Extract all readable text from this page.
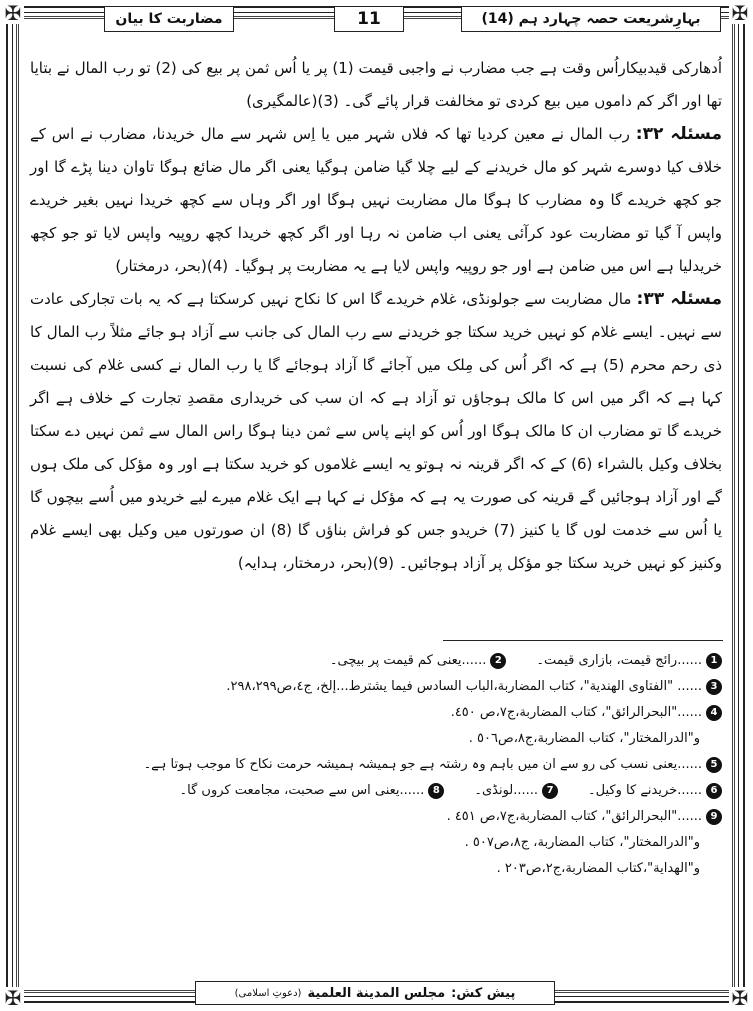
✠	✠
✠	✠
بہارِشریعت حصہ چہارد ہم (14)
11
مضاربت کا بیان

اُدھارکی قیدبیکاراُس وقت ہے جب مضارب نے واجبی قیمت (1) پر یا اُس ثمن پر بیع کی (2) تو رب المال نے بتایا تھا اور اگر کم داموں میں بیع کردی تو مخالفت قرار پائے گی۔ (3)(عالمگیری)

مسئلہ ۳۲: رب المال نے معین کردیا تھا کہ فلاں شہر میں یا اِس شہر سے مال خریدنا، مضارب نے اس کے خلاف کیا دوسرے شہر کو مال خریدنے کے لیے چلا گیا ضامن ہوگیا یعنی اگر مال ضائع ہوگا تاوان دینا پڑے گا اور جو کچھ خریدے گا وہ مضارب کا ہوگا مال مضاربت نہیں ہوگا اور اگر وہاں سے کچھ خریدا نہیں بغیر خریدے واپس آ گیا تو مضاربت عود کرآئی یعنی اب ضامن نہ رہا اور اگر کچھ خریدا کچھ روپیہ واپس لایا تو جو کچھ خریدلیا ہے اس میں ضامن ہے اور جو روپیہ واپس لایا ہے یہ مضاربت پر ہوگیا۔ (4)(بحر، درمختار)

مسئلہ ۳۳: مال مضاربت سے جولونڈی، غلام خریدے گا اس کا نکاح نہیں کرسکتا ہے کہ یہ بات تجارکی عادت سے نہیں۔ ایسے غلام کو نہیں خرید سکتا جو خریدنے سے رب المال کی جانب سے آزاد ہو جائے مثلاً رب المال کا ذی رحم محرم (5) ہے کہ اگر اُس کی مِلک میں آجائے گا آزاد ہوجائے گا یا رب المال نے کسی غلام کی نسبت کہا ہے کہ اگر میں اس کا مالک ہوجاؤں تو آزاد ہے کہ ان سب کی خریداری مقصدِ تجارت کے خلاف ہے اگر خریدے گا تو مضارب ان کا مالک ہوگا اور اُس کو اپنے پاس سے ثمن دینا ہوگا راس المال سے ثمن نہیں دے سکتا بخلاف وکیل بالشراء (6) کے کہ اگر قرینہ نہ ہوتو یہ ایسے غلاموں کو خرید سکتا ہے اور وہ مؤکل کی ملک ہوں گے اور آزاد ہوجائیں گے قرینہ کی صورت یہ ہے کہ مؤکل نے کہا ہے ایک غلام میرے لیے خریدو میں اُسے بیچوں گا یا اُس سے خدمت لوں گا یا کنیز (7) خریدو جس کو فراش بناؤں گا (8) ان صورتوں میں وکیل بھی ایسے غلام وکنیز کو نہیں خرید سکتا جو مؤکل پر آزاد ہوجائیں۔ (9)(بحر، درمختار، ہدایہ)

1
......رائج قیمت، بازاری قیمت۔
2
......یعنی کم قیمت پر بیچی۔
3
...... "الفتاوی الهندیة"، کتاب المضاربة،الباب السادس فیما یشترط...إلخ، ج٤،ص٢٩٨،٢٩٩.
4
......"البحرالرائق"، کتاب المضاربة،ج٧،ص ٤٥٠.
و"الدرالمختار"، کتاب المضاربة،ج٨،ص٥٠٦ .
5
......یعنی نسب کی رو سے ان میں باہم وہ رشتہ ہے جو ہمیشہ ہمیشہ حرمت نکاح کا موجب ہوتا ہے۔
6
......خریدنے کا وکیل۔
7
......لونڈی۔
8
......یعنی اس سے صحبت، مجامعت کروں گا۔
9
......"البحرالرائق"، کتاب المضاربة،ج٧،ص ٤٥١ .
و"الدرالمختار"، کتاب المضاربة، ج٨،ص٥٠٧ .
و"الهدایة"،کتاب المضاربة،ج٢،ص٢٠٣ .
پیش کش:
مجلس المدینة العلمیة
(دعوتِ اسلامی)
